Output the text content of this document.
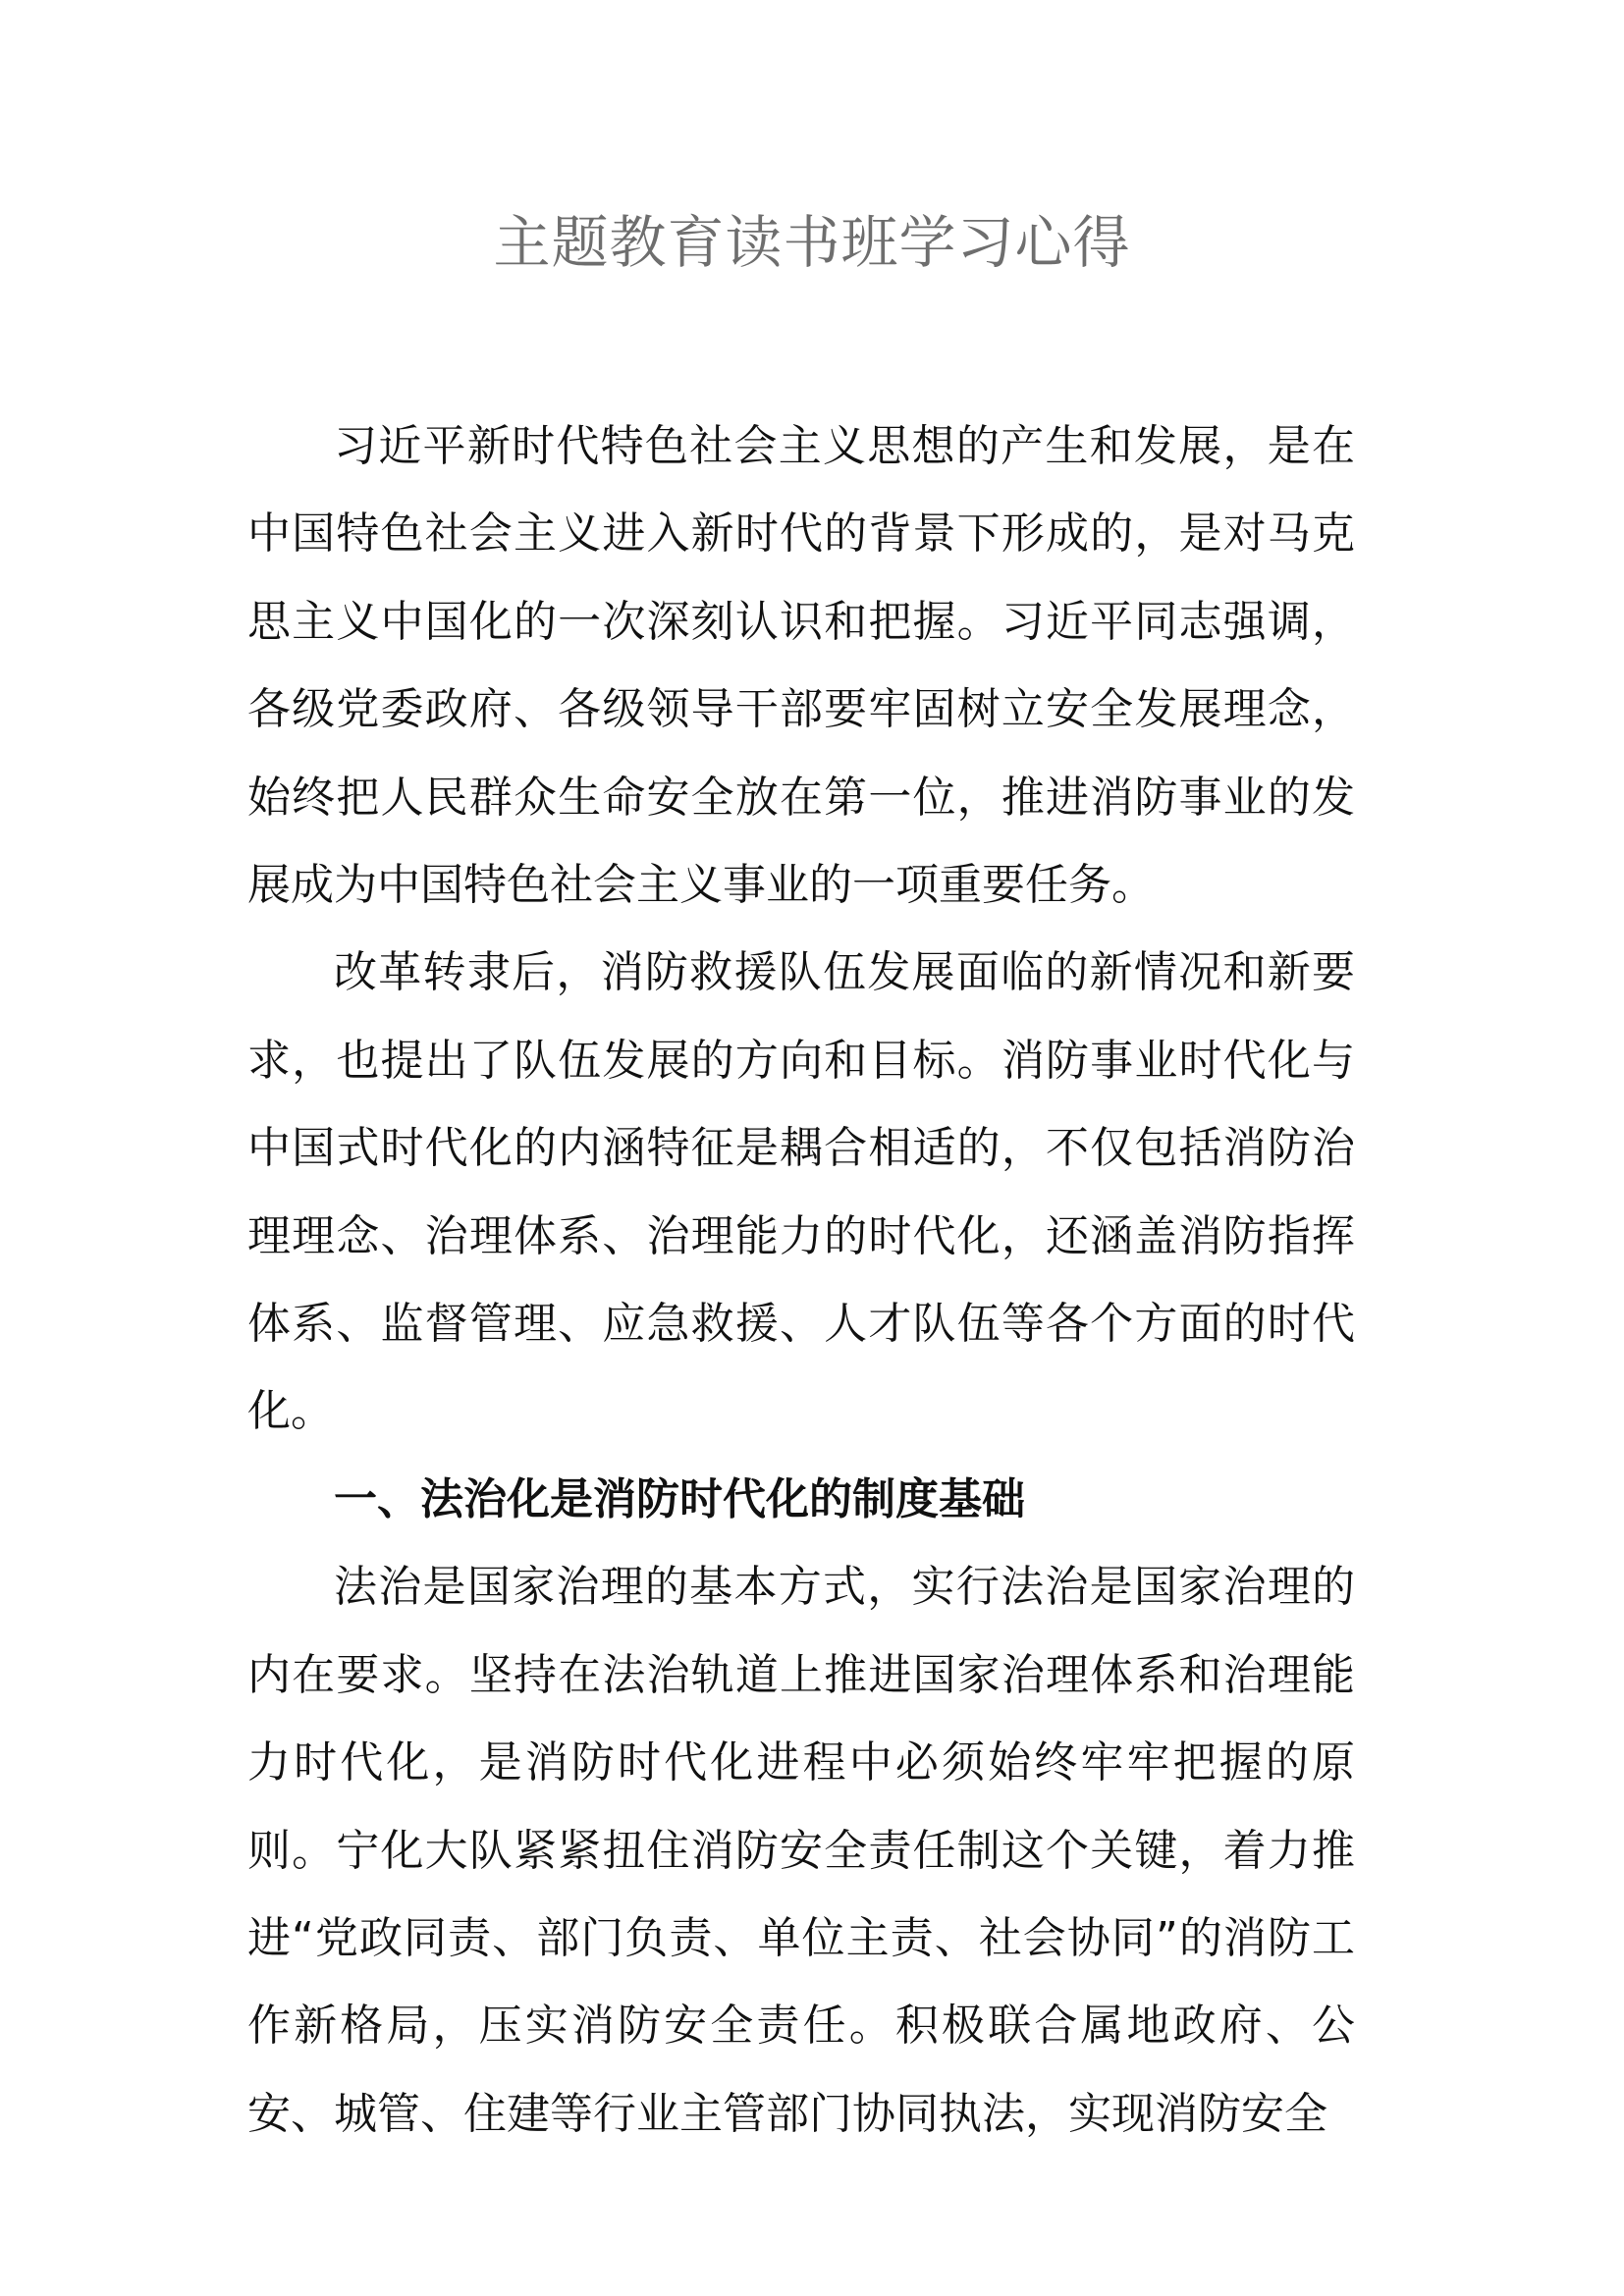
主题教育读书班学习心得

习近平新时代特色社会主义思想的产生和发展，是在中国特色社会主义进入新时代的背景下形成的，是对马克思主义中国化的一次深刻认识和把握。习近平同志强调，各级党委政府、各级领导干部要牢固树立安全发展理念，始终把人民群众生命安全放在第一位，推进消防事业的发展成为中国特色社会主义事业的一项重要任务。

改革转隶后，消防救援队伍发展面临的新情况和新要求，也提出了队伍发展的方向和目标。消防事业时代化与中国式时代化的内涵特征是耦合相适的，不仅包括消防治理理念、治理体系、治理能力的时代化，还涵盖消防指挥体系、监督管理、应急救援、人才队伍等各个方面的时代化。

一、法治化是消防时代化的制度基础

法治是国家治理的基本方式，实行法治是国家治理的内在要求。坚持在法治轨道上推进国家治理体系和治理能力时代化，是消防时代化进程中必须始终牢牢把握的原则。宁化大队紧紧扭住消防安全责任制这个关键，着力推进“党政同责、部门负责、单位主责、社会协同”的消防工作新格局，压实消防安全责任。积极联合属地政府、公安、城管、住建等行业主管部门协同执法，实现消防安全
